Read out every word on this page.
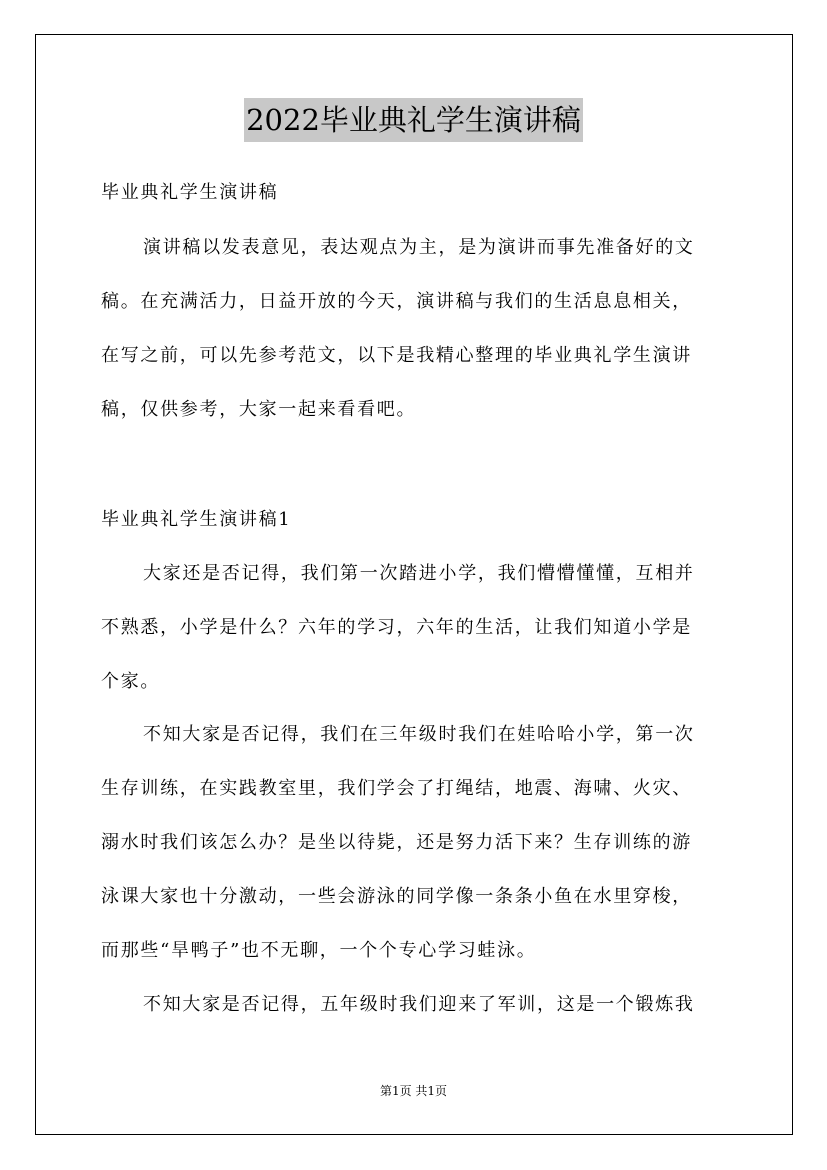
2022毕业典礼学生演讲稿
毕业典礼学生演讲稿
演讲稿以发表意见，表达观点为主，是为演讲而事先准备好的文
稿。在充满活力，日益开放的今天，演讲稿与我们的生活息息相关，
在写之前，可以先参考范文，以下是我精心整理的毕业典礼学生演讲
稿，仅供参考，大家一起来看看吧。
毕业典礼学生演讲稿1
大家还是否记得，我们第一次踏进小学，我们懵懵懂懂，互相并
不熟悉，小学是什么？六年的学习，六年的生活，让我们知道小学是
个家。
不知大家是否记得，我们在三年级时我们在娃哈哈小学，第一次
生存训练，在实践教室里，我们学会了打绳结，地震、海啸、火灾、
溺水时我们该怎么办？是坐以待毙，还是努力活下来？生存训练的游
泳课大家也十分激动，一些会游泳的同学像一条条小鱼在水里穿梭，
而那些“旱鸭子”也不无聊，一个个专心学习蛙泳。
不知大家是否记得，五年级时我们迎来了军训，这是一个锻炼我
第1页 共1页
